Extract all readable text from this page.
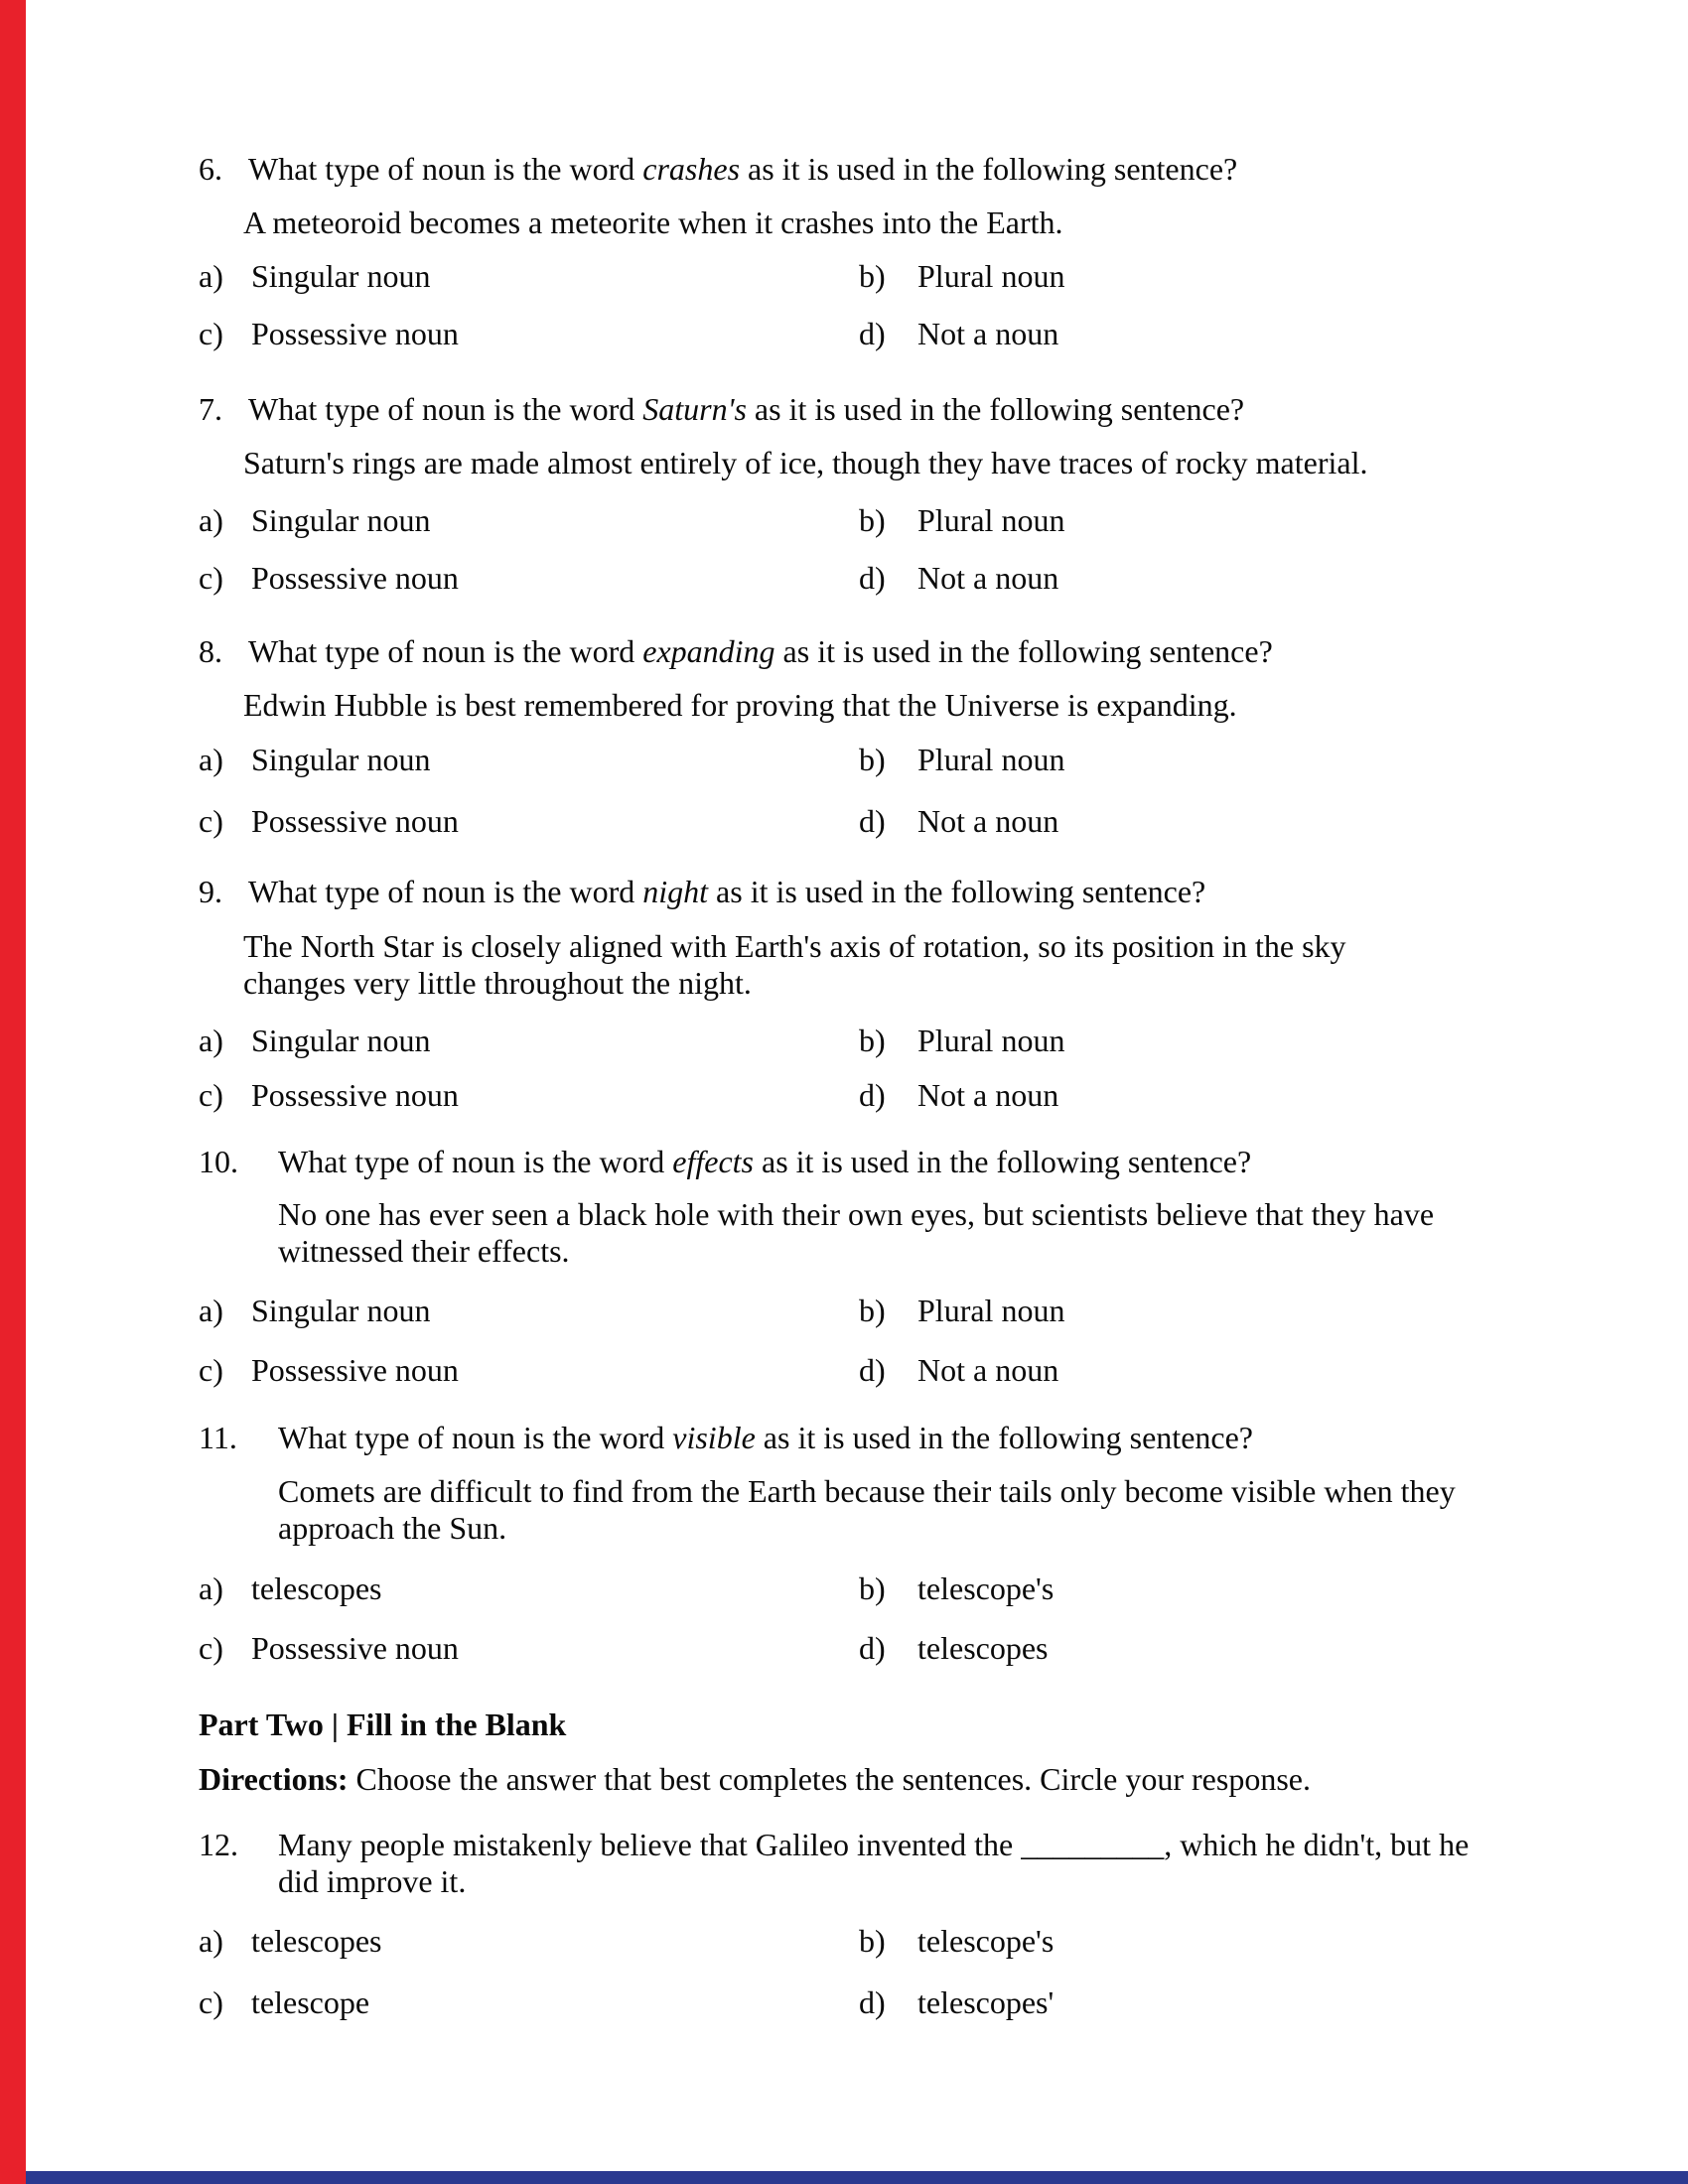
6. What type of noun is the word crashes as it is used in the following sentence?
A meteoroid becomes a meteorite when it crashes into the Earth.
a) Singular noun	b) Plural noun
c) Possessive noun	d) Not a noun
7. What type of noun is the word Saturn's as it is used in the following sentence?
Saturn's rings are made almost entirely of ice, though they have traces of rocky material.
a) Singular noun	b) Plural noun
c) Possessive noun	d) Not a noun
8. What type of noun is the word expanding as it is used in the following sentence?
Edwin Hubble is best remembered for proving that the Universe is expanding.
a) Singular noun	b) Plural noun
c) Possessive noun	d) Not a noun
9. What type of noun is the word night as it is used in the following sentence?
The North Star is closely aligned with Earth's axis of rotation, so its position in the sky
changes very little throughout the night.
a) Singular noun	b) Plural noun
c) Possessive noun	d) Not a noun
10. What type of noun is the word effects as it is used in the following sentence?
No one has ever seen a black hole with their own eyes, but scientists believe that they have
witnessed their effects.
a) Singular noun	b) Plural noun
c) Possessive noun	d) Not a noun
11. What type of noun is the word visible as it is used in the following sentence?
Comets are difficult to find from the Earth because their tails only become visible when they
approach the Sun.
a) telescopes	b) telescope's
c) Possessive noun	d) telescopes
Part Two | Fill in the Blank
Directions: Choose the answer that best completes the sentences. Circle your response.
12. Many people mistakenly believe that Galileo invented the _________, which he didn't, but he
did improve it.
a) telescopes	b) telescope's
c) telescope	d) telescopes'
